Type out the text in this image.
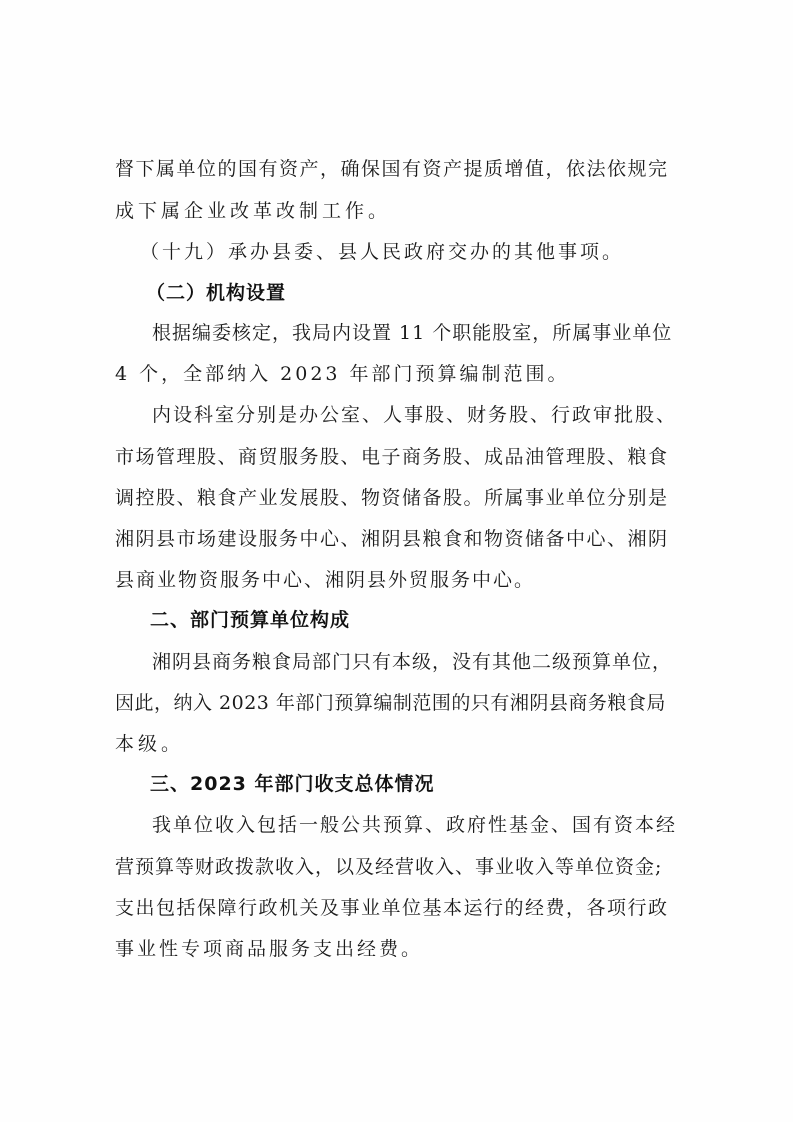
督下属单位的国有资产，确保国有资产提质增值，依法依规完

成下属企业改革改制工作。

（十九）承办县委、县人民政府交办的其他事项。

（二）机构设置

根据编委核定，我局内设置 11 个职能股室，所属事业单位

4 个，全部纳入 2023 年部门预算编制范围。

内设科室分别是办公室、人事股、财务股、行政审批股、

市场管理股、商贸服务股、电子商务股、成品油管理股、粮食

调控股、粮食产业发展股、物资储备股。所属事业单位分别是

湘阴县市场建设服务中心、湘阴县粮食和物资储备中心、湘阴

县商业物资服务中心、湘阴县外贸服务中心。

二、部门预算单位构成

湘阴县商务粮食局部门只有本级，没有其他二级预算单位，

因此，纳入 2023 年部门预算编制范围的只有湘阴县商务粮食局

本级。

三、2023 年部门收支总体情况

我单位收入包括一般公共预算、政府性基金、国有资本经

营预算等财政拨款收入，以及经营收入、事业收入等单位资金;

支出包括保障行政机关及事业单位基本运行的经费，各项行政

事业性专项商品服务支出经费。
